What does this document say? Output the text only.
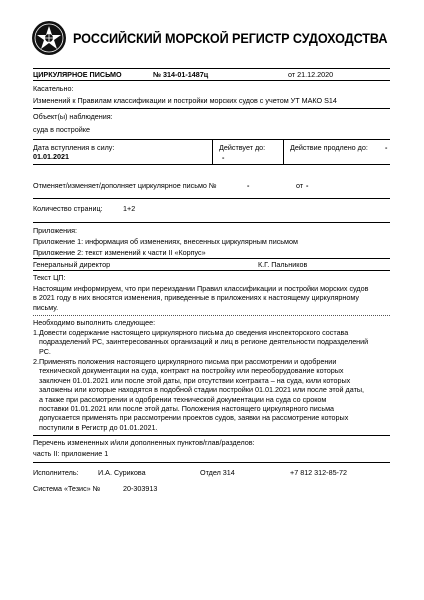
РОССИЙСКИЙ МОРСКОЙ РЕГИСТР СУДОХОДСТВА
ЦИРКУЛЯРНОЕ ПИСЬМО	№ 314-01-1487ц	от 21.12.2020
Касательно:
Изменений к Правилам классификации и постройки морских судов с учетом УТ МАКО S14
Объект(ы) наблюдения:
суда в постройке
Дата вступления в силу:
01.01.2021
Действует до:
-
Действие продлено до: -
Отменяет/изменяет/дополняет циркулярное письмо №	-	от -
Количество страниц:	1+2
Приложения:
Приложение 1: информация об изменениях, внесенных циркулярным письмом
Приложение 2: текст изменений к части II «Корпус»
Генеральный директор	К.Г. Пальников
Текст ЦП:
Настоящим информируем, что при переиздании Правил классификации и постройки морских судов
в 2021 году в них вносятся изменения, приведенные в приложениях к настоящему циркулярному
письму.
Необходимо выполнить следующее:
1. Довести содержание настоящего циркулярного письма до сведения инспекторского состава
подразделений РС, заинтересованных организаций и лиц в регионе деятельности подразделений
РС.
2. Применять положения настоящего циркулярного письма при рассмотрении и одобрении
технической документации на суда, контракт на постройку или переоборудование которых
заключен 01.01.2021 или после этой даты, при отсутствии контракта – на суда, кили которых
заложены или которые находятся в подобной стадии постройки 01.01.2021 или после этой даты,
а также при рассмотрении и одобрении технической документации на суда со сроком
поставки 01.01.2021 или после этой даты. Положения настоящего циркулярного письма
допускается применять при рассмотрении проектов судов, заявки на рассмотрение которых
поступили в Регистр до 01.01.2021.
Перечень измененных и/или дополненных пунктов/глав/разделов:
часть II: приложение 1
Исполнитель:	И.А. Сурикова	Отдел 314	+7 812 312-85-72
Система «Тезис» №	20-303913
